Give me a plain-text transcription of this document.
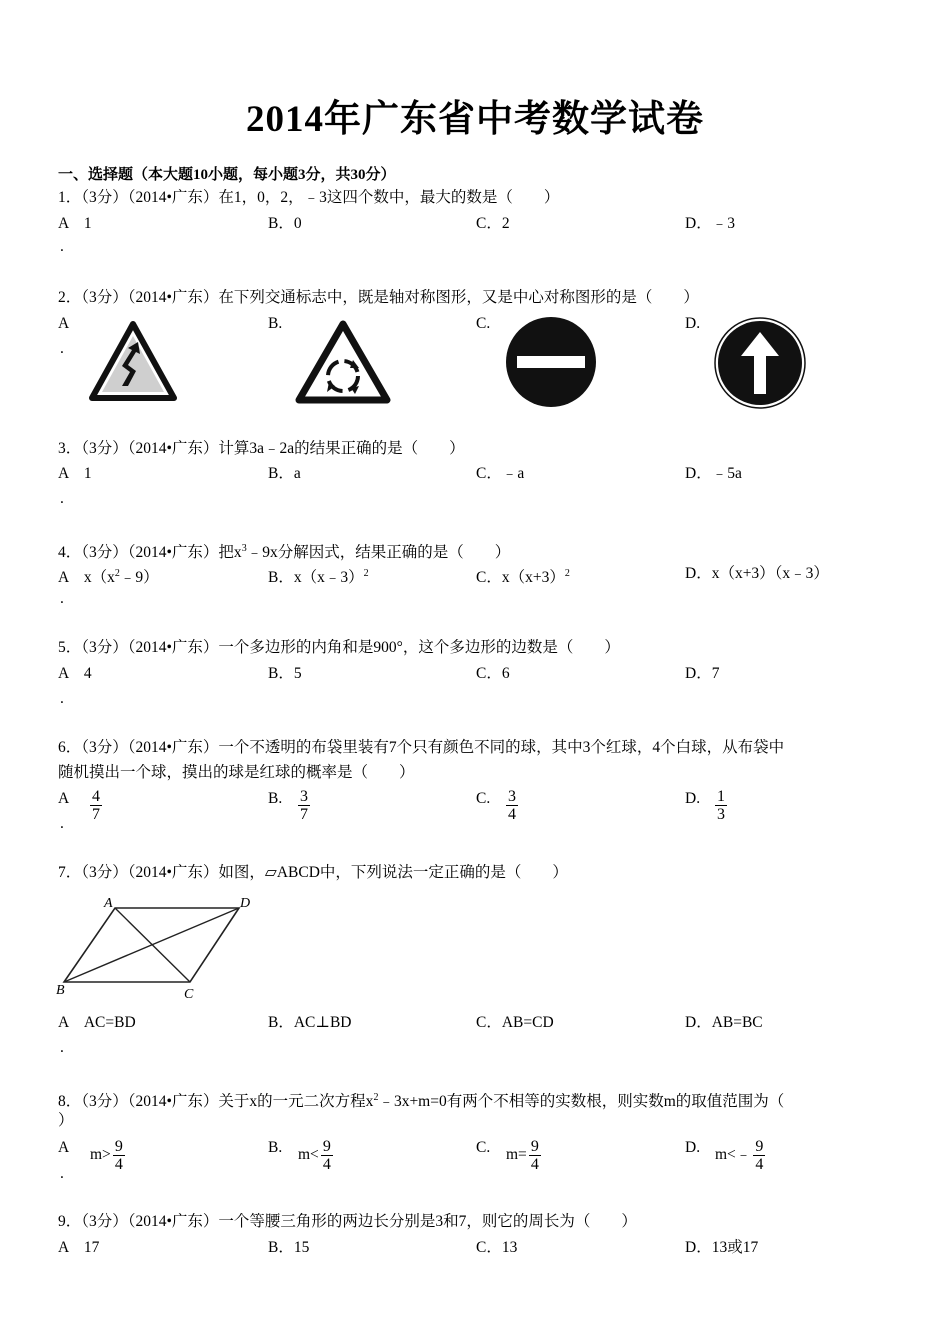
2014年广东省中考数学试卷
一、选择题（本大题10小题，每小题3分，共30分）
1．（3分）（2014•广东）在1，0，2，﹣3这四个数中，最大的数是（　　）
A　1	B．0	C．2	D．﹣3
.
2．（3分）（2014•广东）在下列交通标志中，既是轴对称图形，又是中心对称图形的是（　　）
A
.
B.	C.	D.
3．（3分）（2014•广东）计算3a﹣2a的结果正确的是（　　）
A　1	B．a	C．﹣a	D．﹣5a
.
4．（3分）（2014•广东）把$x^3﹣9x$分解因式，结果正确的是（　　）
A　$x(x^2﹣9)$	B．x（x﹣3）$^2$	C．$x(x+3)^2$	D．x（x+3）（x﹣3）
.
5．（3分）（2014•广东）一个多边形的内角和是900°，这个多边形的边数是（　　）
A　4	B．5	C．6	D．7
.
6．（3分）（2014•广东）一个不透明的布袋里装有7个只有颜色不同的球，其中3个红球，4个白球，从布袋中
随机摸出一个球，摸出的球是红球的概率是（　　）
A
.
$\frac{4}{7}$	B. $\frac{3}{7}$	C. $\frac{3}{4}$	D. $\frac{1}{3}$
7．（3分）（2014•广东）如图，▱ABCD中，下列说法一定正确的是（　　）
A	D
B	C
A　AC=BD	B．AC⊥BD	C．AB=CD	D．AB=BC
.
8．（3分）（2014•广东）关于x的一元二次方程$x^2﹣3x+m=0$有两个不相等的实数根，则实数m的取值范围为（
）
A
.
$m> \frac{9}{4}$	B. $m< \frac{9}{4}$	C. $m= \frac{9}{4}$	D. m<﹣ $\frac{9}{4}$
9．（3分）（2014•广东）一个等腰三角形的两边长分别是3和7，则它的周长为（　　）
A　17	B．15	C．13	D．13或17
